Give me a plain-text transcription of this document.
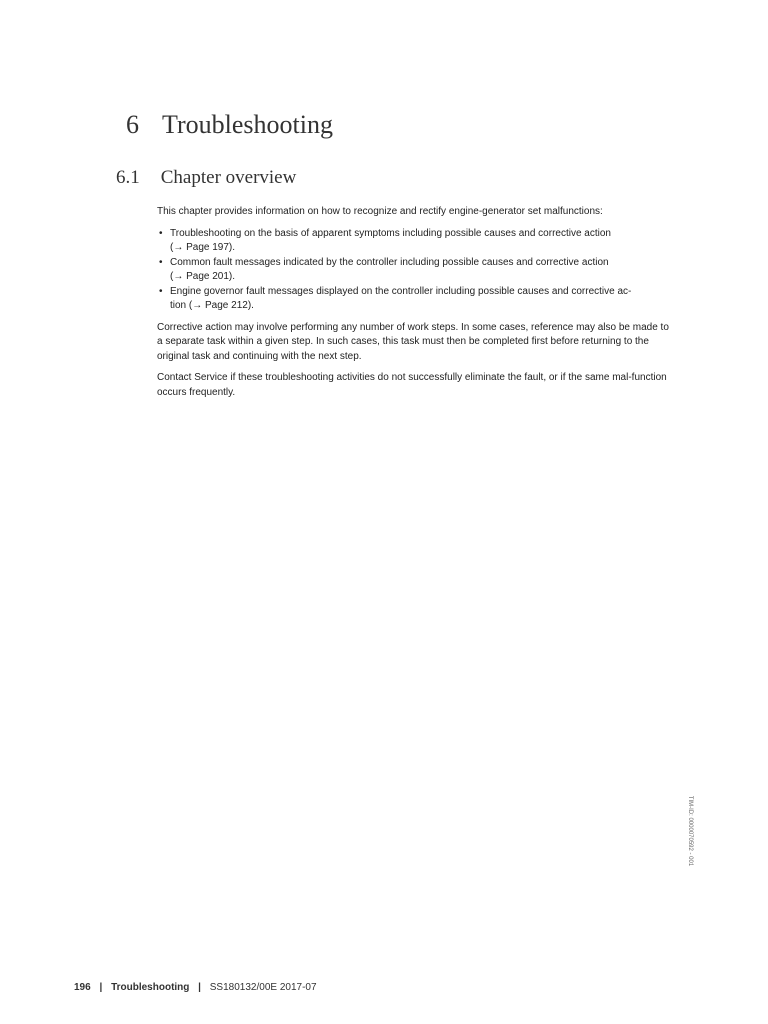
6 Troubleshooting
6.1 Chapter overview

This chapter provides information on how to recognize and rectify engine-generator set malfunctions:

• Troubleshooting on the basis of apparent symptoms including possible causes and corrective action
(→ Page 197).
• Common fault messages indicated by the controller including possible causes and corrective action
(→ Page 201).
• Engine governor fault messages displayed on the controller including possible causes and corrective ac-
tion (→ Page 212).

Corrective action may involve performing any number of work steps. In some cases, reference may also be made to a separate task within a given step. In such cases, this task must then be completed first before returning to the original task and continuing with the next step.

Contact Service if these troubleshooting activities do not successfully eliminate the fault, or if the same mal-function occurs frequently.

TIM-ID: 0000070592 - 001
196 | Troubleshooting | SS180132/00E 2017-07
